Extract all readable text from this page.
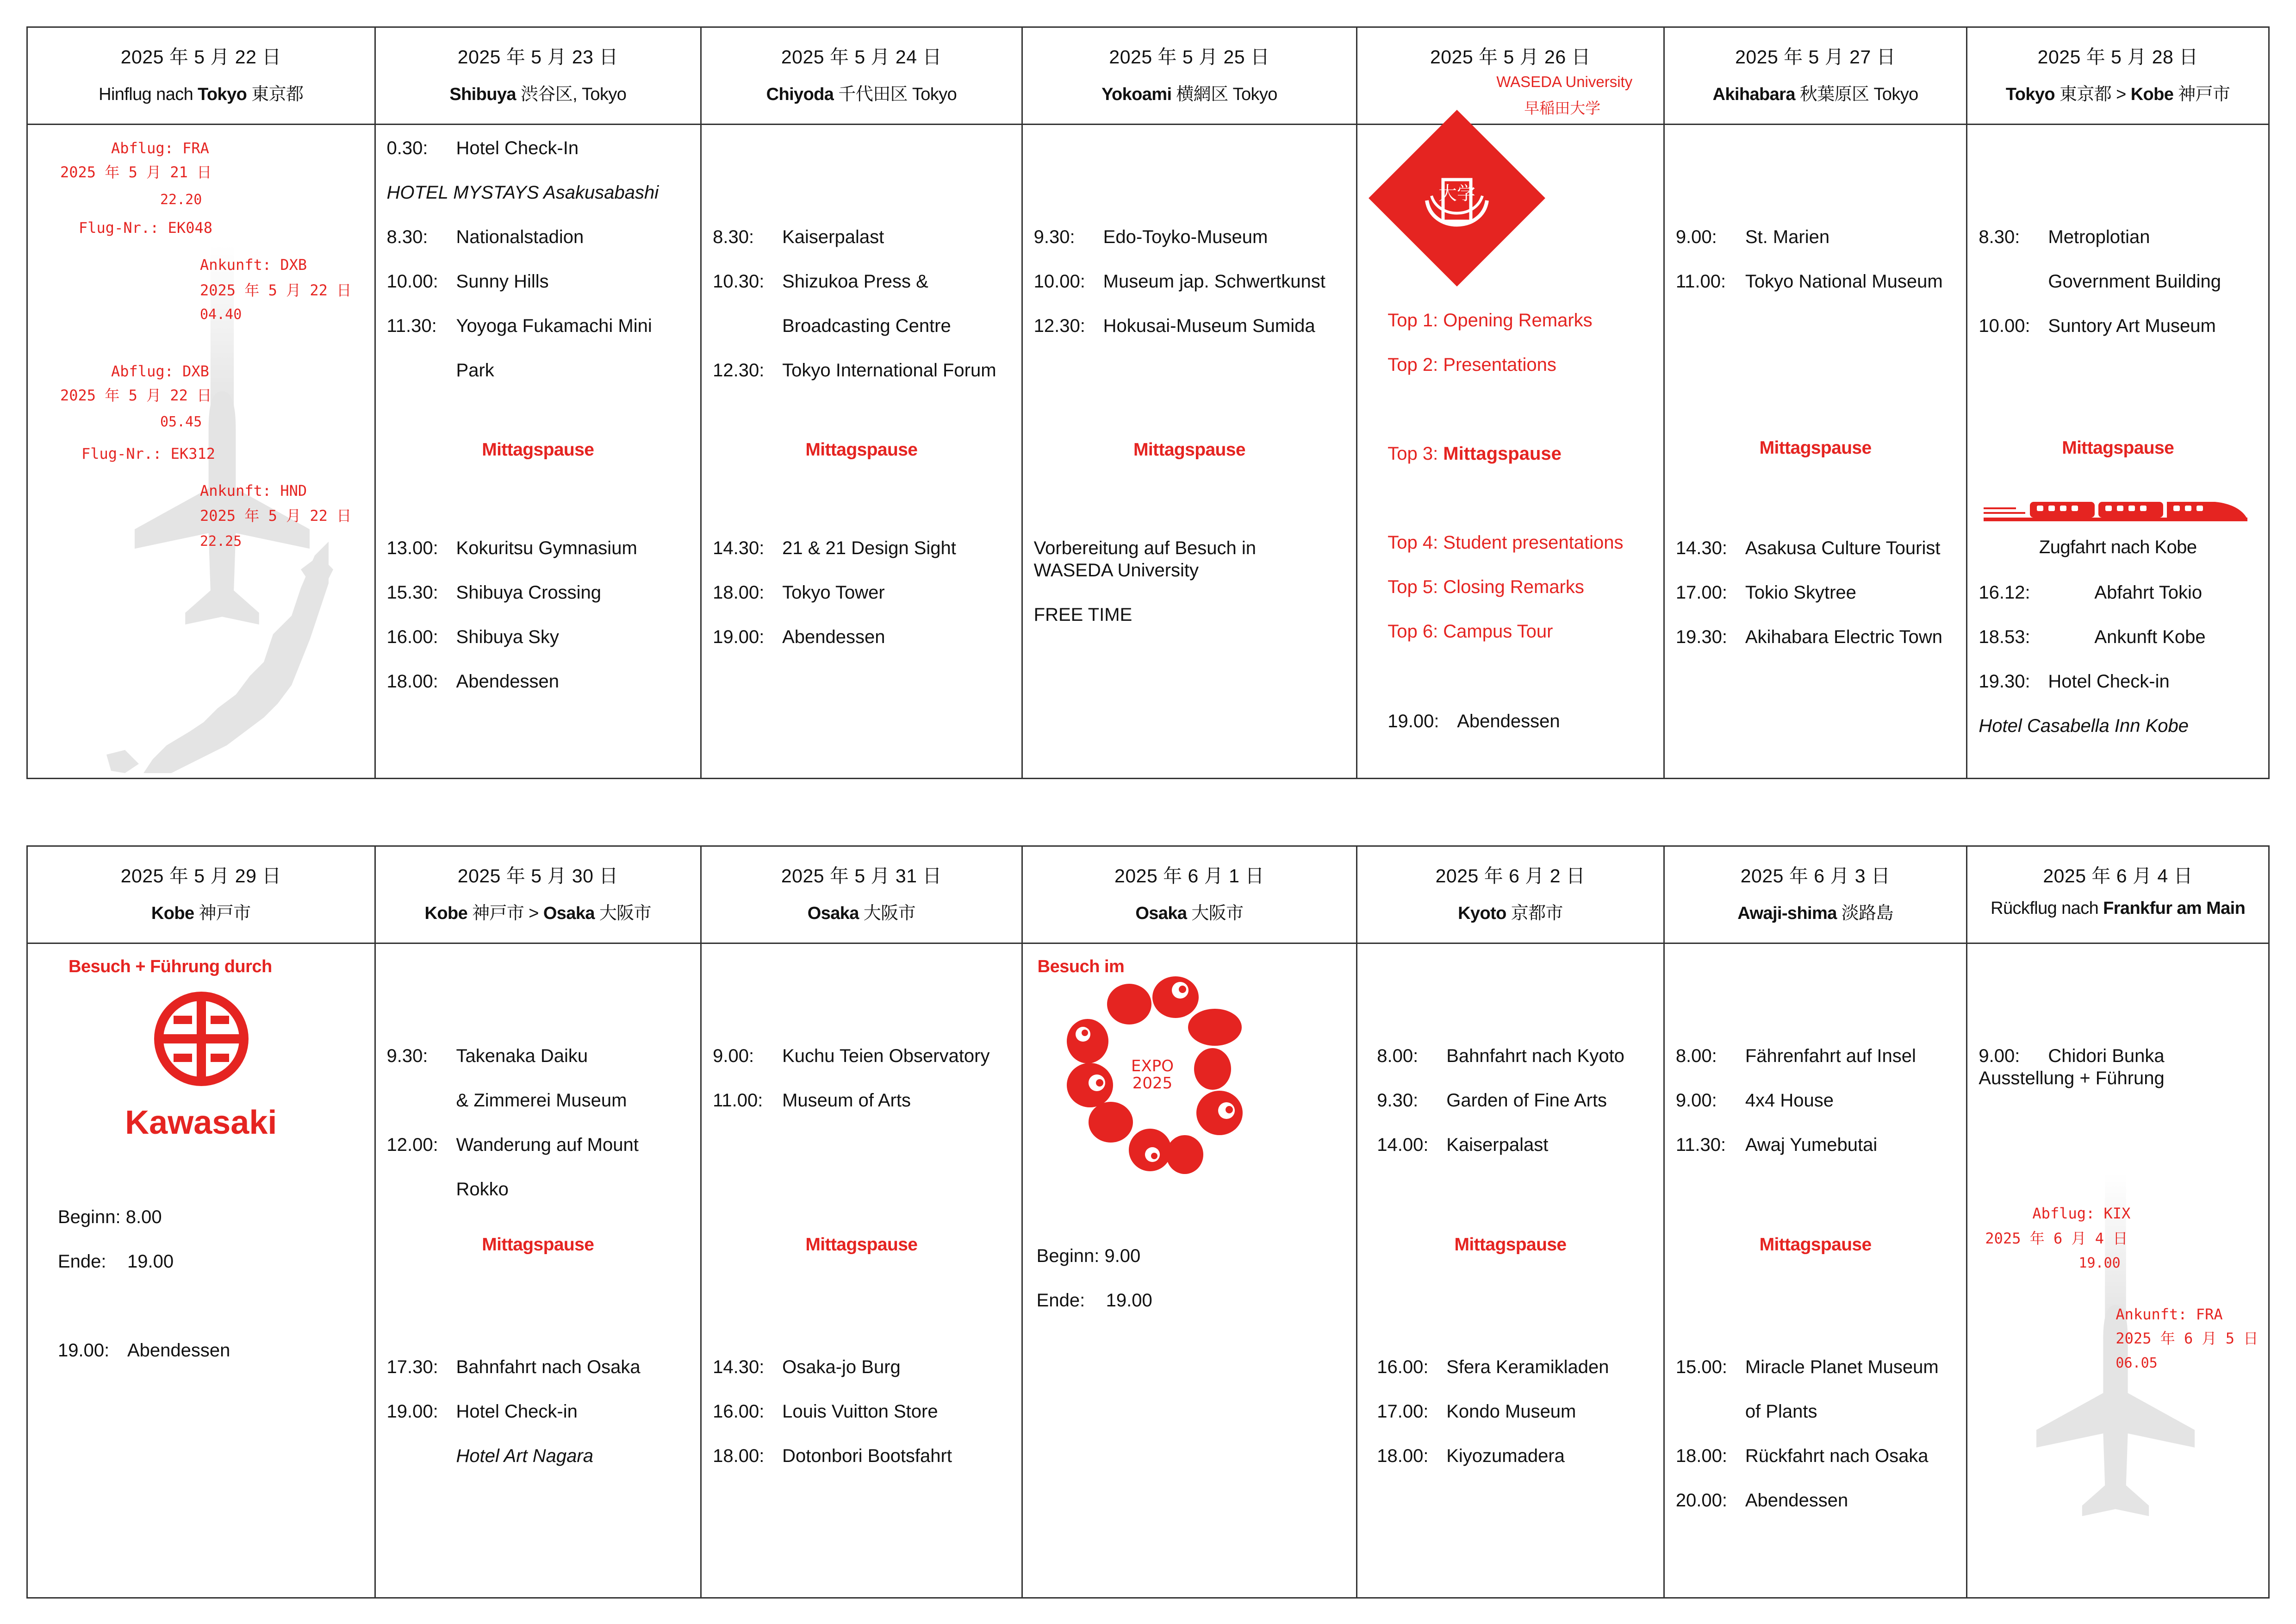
2025 年 5 月 22 日
Hinflug nach Tokyo 東京都
Abflug: FRA
2025 年 5 月 21 日
22.20
Flug-Nr.: EK048
Ankunft: DXB
2025 年 5 月 22 日
04.40
Abflug: DXB
2025 年 5 月 22 日
05.45
Flug-Nr.: EK312
Ankunft: HND
2025 年 5 月 22 日
22.25
2025 年 5 月 23 日
Shibuya 渋谷区, Tokyo
0.30: Hotel Check-In
HOTEL MYSTAYS Asakusabashi
8.30: Nationalstadion
10.00: Sunny Hills
11.30: Yoyoga Fukamachi Mini
Park
Mittagspause
13.00: Kokuritsu Gymnasium
15.30: Shibuya Crossing
16.00: Shibuya Sky
18.00: Abendessen
2025 年 5 月 24 日
Chiyoda 千代田区 Tokyo
8.30: Kaiserpalast
10.30: Shizukoa Press &
Broadcasting Centre
12.30: Tokyo International Forum
Mittagspause
14.30: 21 & 21 Design Sight
18.00: Tokyo Tower
19.00: Abendessen
2025 年 5 月 25 日
Yokoami 横網区 Tokyo
9.30: Edo-Toyko-Museum
10.00: Museum jap. Schwertkunst
12.30: Hokusai-Museum Sumida
Mittagspause
Vorbereitung auf Besuch in
WASEDA University
FREE TIME
2025 年 5 月 26 日
WASEDA University
早稲田大学
大学
Top 1: Opening Remarks
Top 2: Presentations
Top 3: Mittagspause
Top 4: Student presentations
Top 5: Closing Remarks
Top 6: Campus Tour
19.00: Abendessen
2025 年 5 月 27 日
Akihabara 秋葉原区 Tokyo
9.00: St. Marien
11.00: Tokyo National Museum
Mittagspause
14.30: Asakusa Culture Tourist
17.00: Tokio Skytree
19.30: Akihabara Electric Town
2025 年 5 月 28 日
Tokyo 東京都 > Kobe 神戸市
8.30: Metroplotian
Government Building
10.00: Suntory Art Museum
Mittagspause
Zugfahrt nach Kobe
16.12:	Abfahrt Tokio
18.53:	Ankunft Kobe
19.30: Hotel Check-in
Hotel Casabella Inn Kobe
2025 年 5 月 29 日
Kobe 神戸市
Besuch + Führung durch
Kawasaki
Beginn: 8.00
Ende: 19.00
19.00: Abendessen
2025 年 5 月 30 日
Kobe 神戸市 > Osaka 大阪市
9.30: Takenaka Daiku
& Zimmerei Museum
12.00: Wanderung auf Mount
Rokko
Mittagspause
17.30: Bahnfahrt nach Osaka
19.00: Hotel Check-in
Hotel Art Nagara
2025 年 5 月 31 日
Osaka 大阪市
9.00: Kuchu Teien Observatory
11.00: Museum of Arts
Mittagspause
14.30: Osaka-jo Burg
16.00: Louis Vuitton Store
18.00: Dotonbori Bootsfahrt
2025 年 6 月 1 日
Osaka 大阪市
Besuch im
EXPO
2025
Beginn: 9.00
Ende: 19.00
2025 年 6 月 2 日
Kyoto 京都市
8.00: Bahnfahrt nach Kyoto
9.30: Garden of Fine Arts
14.00: Kaiserpalast
Mittagspause
16.00: Sfera Keramikladen
17.00: Kondo Museum
18.00: Kiyozumadera
2025 年 6 月 3 日
Awaji-shima 淡路島
8.00: Fährenfahrt auf Insel
9.00: 4x4 House
11.30: Awaj Yumebutai
Mittagspause
15.00: Miracle Planet Museum
of Plants
18.00: Rückfahrt nach Osaka
20.00: Abendessen
2025 年 6 月 4 日
Rückflug nach Frankfur am Main
9.00: Chidori Bunka
Ausstellung + Führung
Abflug: KIX
2025 年 6 月 4 日
19.00
Ankunft: FRA
2025 年 6 月 5 日
06.05
